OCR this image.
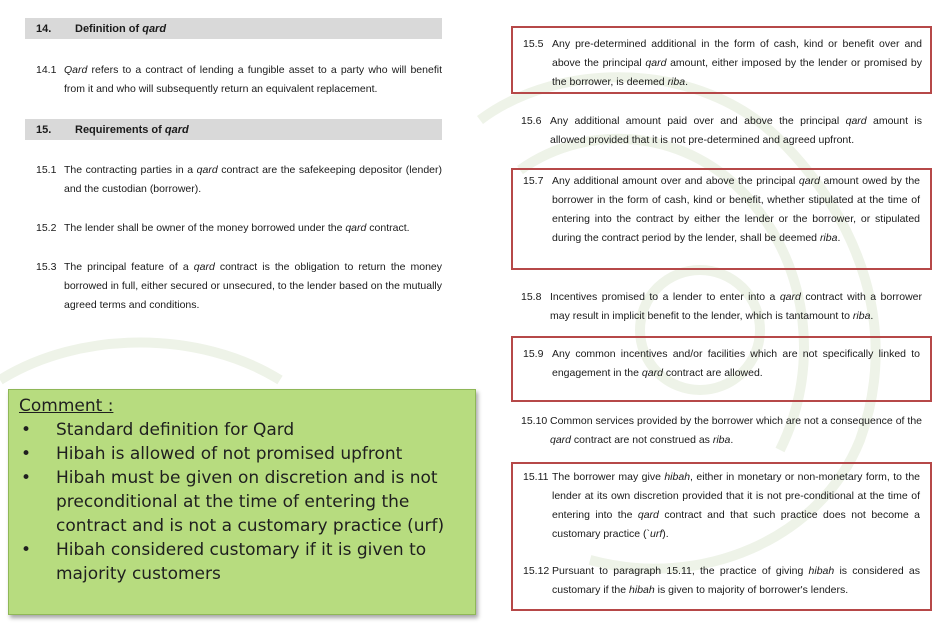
14.	Definition of qard
14.1 Qard refers to a contract of lending a fungible asset to a party who will benefit from it and who will subsequently return an equivalent replacement.
15.	Requirements of qard
15.1 The contracting parties in a qard contract are the safekeeping depositor (lender) and the custodian (borrower).
15.2 The lender shall be owner of the money borrowed under the qard contract.
15.3 The principal feature of a qard contract is the obligation to return the money borrowed in full, either secured or unsecured, to the lender based on the mutually agreed terms and conditions.
Comment :
•	Standard definition for Qard
•	Hibah is allowed of not promised upfront
•	Hibah must be given on discretion and is not preconditional at the time of entering the contract and is not a customary practice (urf)
•	Hibah considered customary if it is given to majority customers
15.5 Any pre-determined additional in the form of cash, kind or benefit over and above the principal qard amount, either imposed by the lender or promised by the borrower, is deemed riba.
15.6 Any additional amount paid over and above the principal qard amount is allowed provided that it is not pre-determined and agreed upfront.
15.7 Any additional amount over and above the principal qard amount owed by the borrower in the form of cash, kind or benefit, whether stipulated at the time of entering into the contract by either the lender or the borrower, or stipulated during the contract period by the lender, shall be deemed riba.
15.8 Incentives promised to a lender to enter into a qard contract with a borrower may result in implicit benefit to the lender, which is tantamount to riba.
15.9 Any common incentives and/or facilities which are not specifically linked to engagement in the qard contract are allowed.
15.10 Common services provided by the borrower which are not a consequence of the qard contract are not construed as riba.
15.11 The borrower may give hibah, either in monetary or non-monetary form, to the lender at its own discretion provided that it is not pre-conditional at the time of entering into the qard contract and that such practice does not become a customary practice (`urf).
15.12 Pursuant to paragraph 15.11, the practice of giving hibah is considered as customary if the hibah is given to majority of borrower's lenders.
